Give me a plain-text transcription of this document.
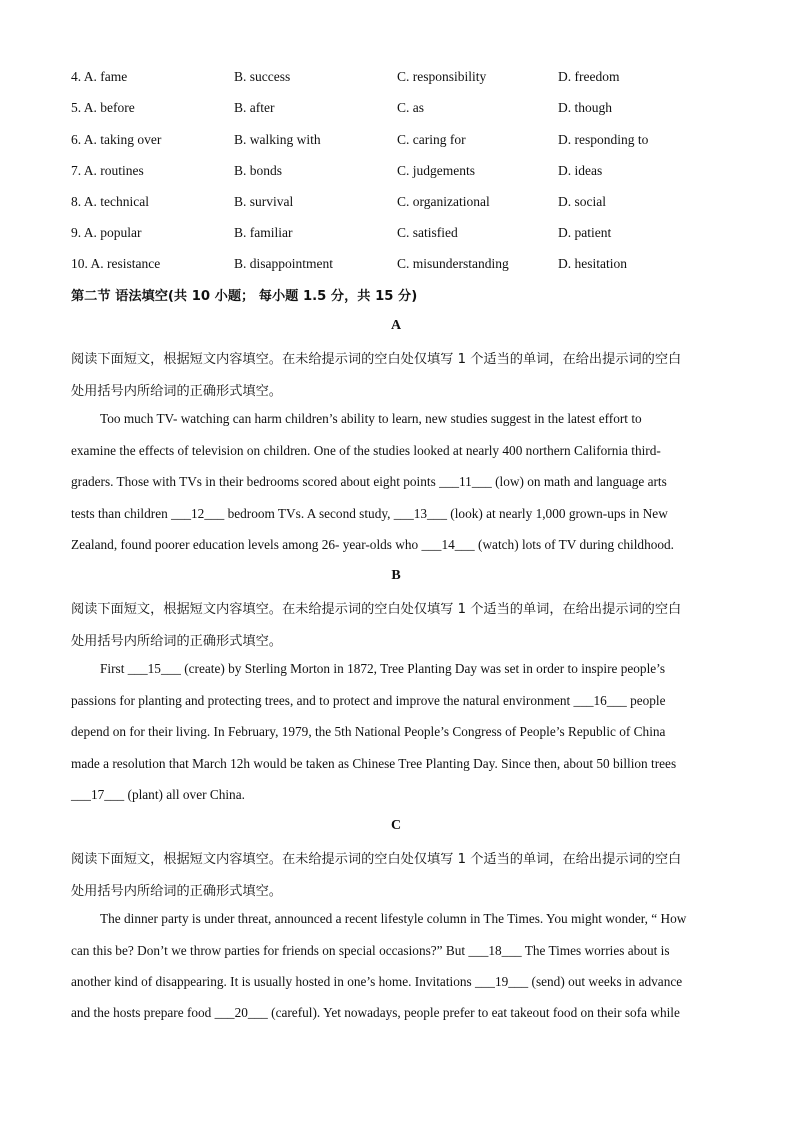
4. A. fame	B. success	C. responsibility	D. freedom
5. A. before	B. after	C. as	D. though
6. A. taking over	B. walking with	C. caring for	D. responding to
7. A. routines	B. bonds	C. judgements	D. ideas
8. A. technical	B. survival	C. organizational	D. social
9. A. popular	B. familiar	C. satisfied	D. patient
10. A. resistance	B. disappointment	C. misunderstanding	D. hesitation
第二节 语法填空(共 10 小题； 每小题 1.5 分，共 15 分)
A
阅读下面短文，根据短文内容填空。在未给提示词的空白处仅填写 1 个适当的单词，在给出提示词的空白
处用括号内所给词的正确形式填空。
Too much TV- watching can harm children’s ability to learn, new studies suggest in the latest effort to
examine the effects of television on children. One of the studies looked at nearly 400 northern California third-
graders. Those with TVs in their bedrooms scored about eight points ___11___ (low) on math and language arts
tests than children ___12___ bedroom TVs. A second study, ___13___ (look) at nearly 1,000 grown-ups in New
Zealand, found poorer education levels among 26- year-olds who ___14___ (watch) lots of TV during childhood.
B
阅读下面短文，根据短文内容填空。在未给提示词的空白处仅填写 1 个适当的单词，在给出提示词的空白
处用括号内所给词的正确形式填空。
First ___15___ (create) by Sterling Morton in 1872, Tree Planting Day was set in order to inspire people’s
passions for planting and protecting trees, and to protect and improve the natural environment ___16___ people
depend on for their living. In February, 1979, the 5th National People’s Congress of People’s Republic of China
made a resolution that March 12h would be taken as Chinese Tree Planting Day. Since then, about 50 billion trees
___17___ (plant) all over China.
C
阅读下面短文，根据短文内容填空。在未给提示词的空白处仅填写 1 个适当的单词，在给出提示词的空白
处用括号内所给词的正确形式填空。
The dinner party is under threat, announced a recent lifestyle column in The Times. You might wonder, “ How
can this be? Don’t we throw parties for friends on special occasions?” But ___18___ The Times worries about is
another kind of disappearing. It is usually hosted in one’s home. Invitations ___19___ (send) out weeks in advance
and the hosts prepare food ___20___ (careful). Yet nowadays, people prefer to eat takeout food on their sofa while
